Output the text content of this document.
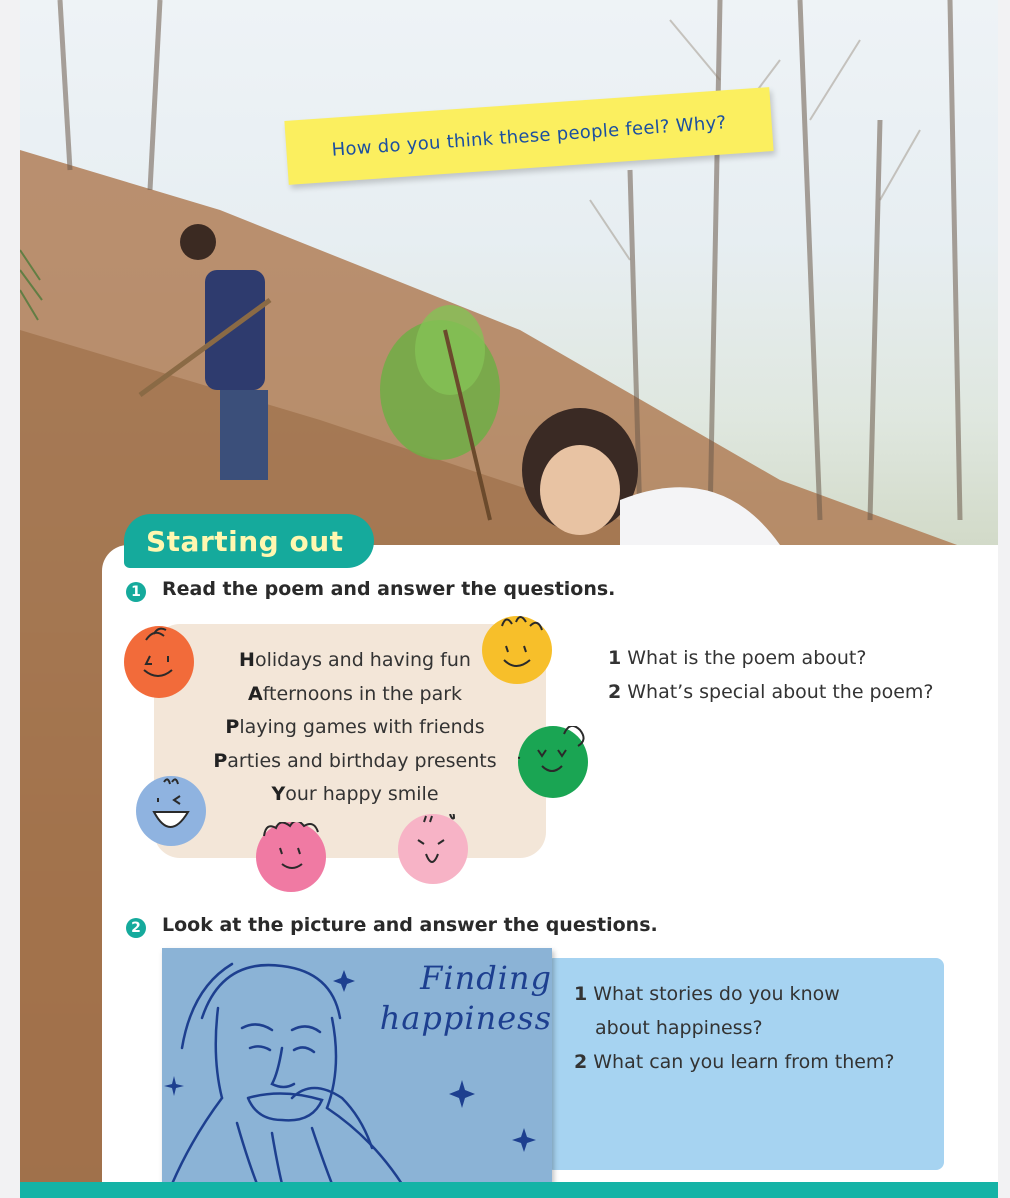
How do you think these people feel? Why?
Starting out
1 Read the poem and answer the questions.
Holidays and having fun
Afternoons in the park
Playing games with friends
Parties and birthday presents
Your happy smile
1 What is the poem about?
2 What’s special about the poem?
2 Look at the picture and answer the questions.
Finding
happiness
1 What stories do you know
about happiness?
2 What can you learn from them?
